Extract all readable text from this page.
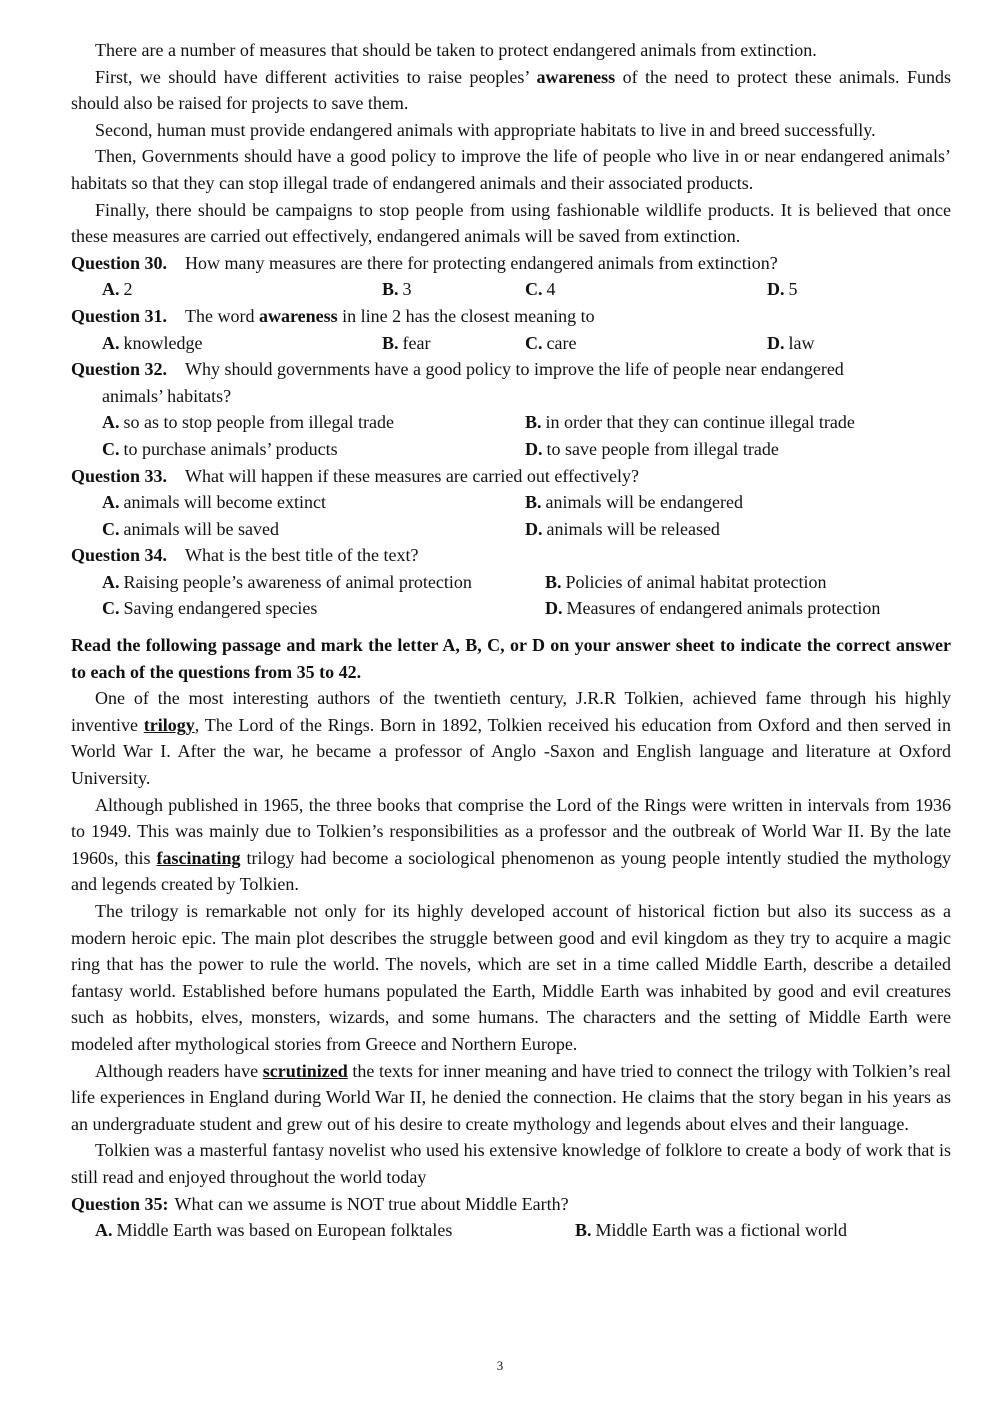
There are a number of measures that should be taken to protect endangered animals from extinction.

First, we should have different activities to raise peoples’ awareness of the need to protect these animals. Funds should also be raised for projects to save them.

Second, human must provide endangered animals with appropriate habitats to live in and breed successfully.

Then, Governments should have a good policy to improve the life of people who live in or near endangered animals’ habitats so that they can stop illegal trade of endangered animals and their associated products.

Finally, there should be campaigns to stop people from using fashionable wildlife products. It is believed that once these measures are carried out effectively, endangered animals will be saved from extinction.

Question 30. How many measures are there for protecting endangered animals from extinction?
A. 2	B. 3	C. 4	D. 5
Question 31. The word awareness in line 2 has the closest meaning to
A. knowledge	B. fear	C. care	D. law
Question 32. Why should governments have a good policy to improve the life of people near endangered
animals’ habitats?
A. so as to stop people from illegal trade	B. in order that they can continue illegal trade
C. to purchase animals’ products	D. to save people from illegal trade
Question 33. What will happen if these measures are carried out effectively?
A. animals will become extinct	B. animals will be endangered
C. animals will be saved	D. animals will be released
Question 34. What is the best title of the text?
A. Raising people’s awareness of animal protection	B. Policies of animal habitat protection
C. Saving endangered species	D. Measures of endangered animals protection
Read the following passage and mark the letter A, B, C, or D on your answer sheet to indicate the correct answer to each of the questions from 35 to 42.

One of the most interesting authors of the twentieth century, J.R.R Tolkien, achieved fame through his highly inventive trilogy, The Lord of the Rings. Born in 1892, Tolkien received his education from Oxford and then served in World War I. After the war, he became a professor of Anglo -Saxon and English language and literature at Oxford University.

Although published in 1965, the three books that comprise the Lord of the Rings were written in intervals from 1936 to 1949. This was mainly due to Tolkien’s responsibilities as a professor and the outbreak of World War II. By the late 1960s, this fascinating trilogy had become a sociological phenomenon as young people intently studied the mythology and legends created by Tolkien.

The trilogy is remarkable not only for its highly developed account of historical fiction but also its success as a modern heroic epic. The main plot describes the struggle between good and evil kingdom as they try to acquire a magic ring that has the power to rule the world. The novels, which are set in a time called Middle Earth, describe a detailed fantasy world. Established before humans populated the Earth, Middle Earth was inhabited by good and evil creatures such as hobbits, elves, monsters, wizards, and some humans. The characters and the setting of Middle Earth were modeled after mythological stories from Greece and Northern Europe.

Although readers have scrutinized the texts for inner meaning and have tried to connect the trilogy with Tolkien’s real life experiences in England during World War II, he denied the connection. He claims that the story began in his years as an undergraduate student and grew out of his desire to create mythology and legends about elves and their language.

Tolkien was a masterful fantasy novelist who used his extensive knowledge of folklore to create a body of work that is still read and enjoyed throughout the world today

Question 35: What can we assume is NOT true about Middle Earth?
A. Middle Earth was based on European folktales	B. Middle Earth was a fictional world
3
